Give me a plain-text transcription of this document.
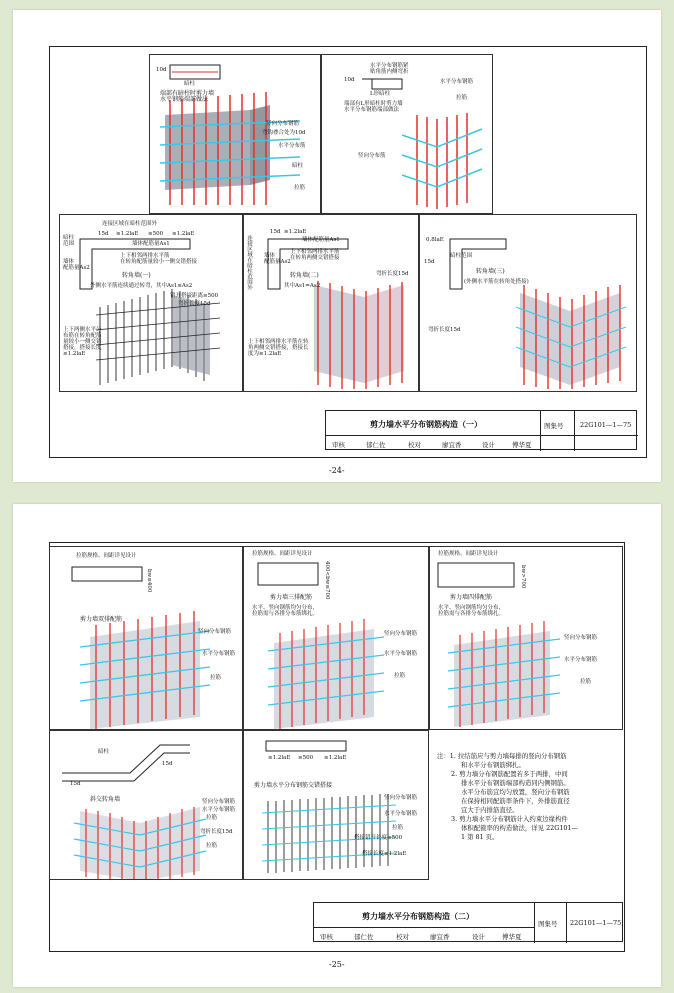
暗柱
10d
端部有暗柱时剪力墙
水平钢筋端部做法
竖向分布钢筋
弯钩叠合处为10d
水平分布筋
暗柱
拉筋
10d
水平分布钢筋紧
贴角筋内侧弯折
L形暗柱
端部有L形暗柱时剪力墙
水平分布钢筋端部做法
水平分布钢筋
拉筋
竖向分布筋
连接区域在暗柱范围外
15d ≥1.2laE ≥500 ≥1.2laE
墙体配筋量As1
上下相邻两排水平筋
在转角配筋量较小一侧交错搭接
暗柱
范围
墙体
配筋量As2
转角墙(一)
外侧水平筋连续通过转弯，其中As1≤As2
错开搭接距离≥500
弯折长度15d
上下两侧水平分
布筋在转角配筋
量较小一侧交错
搭接，搭接长度
≥1.2laE
15d ≥1.2laE
墙体配筋量As1
上下相邻两排水平筋
在转角两侧交错搭接
连接区域在暗柱范围外 墙体
配筋量As2
转角墙(二)
其中As1=As2
弯折长度15d
上下相邻两排水平筋在转
角两侧交错搭接，搭接长
度为≥1.2laE
0.8laE
15d
暗柱范围
转角墙(三)
(外侧水平筋在转角处搭接)
弯折长度15d
剪力墙水平分布钢筋构造（一）	图集号	22G101—1—75
审核	郁仁佐	校对	廖宜香	设计	傅华夏
-24-
拉筋规格、间距详见设计
bw≤400
剪力墙双排配筋
竖向分布钢筋
水平分布钢筋
拉筋
拉筋规格、间距详见设计
400<bw≤700
剪力墙三排配筋
水平、竖向钢筋均匀分布，
拉筋需与各排分布筋绑扎。
竖向分布钢筋
水平分布钢筋
拉筋
拉筋规格、间距详见设计
bw>700
剪力墙四排配筋
水平、竖向钢筋均匀分布，
拉筋需与各排分布筋绑扎。
竖向分布钢筋
水平分布钢筋
拉筋
暗柱
15d
15d
斜交转角墙	竖向分布钢筋
水平分布钢筋
拉筋
弯折长度15d
拉筋
≥1.2laE ≥500 ≥1.2laE
剪力墙水平分布钢筋交错搭接
竖向分布钢筋
水平分布钢筋
拉筋
搭接错开长度≥500
搭接长度≥1.2laE

注：1. 拉结筋应与剪力墙每排的竖向分布钢筋

和水平分布钢筋绑扎。

2. 剪力墙分布钢筋配置若多于两排，中间

排水平分布钢筋端部构造同内侧钢筋。

水平分布筋宜均匀放置，竖向分布钢筋

在保持相同配筋率条件下，外排筋直径

宜大于内排筋直径。

3. 剪力墙水平分布钢筋计入约束边缘构件

体积配箍率的构造做法，详见 22G101—

1 第 81 页。

剪力墙水平分布钢筋构造（二）
图集号 22G101—1—75
审核	郁仁佐	校对	廖宜香	设计	傅华夏
-25-
